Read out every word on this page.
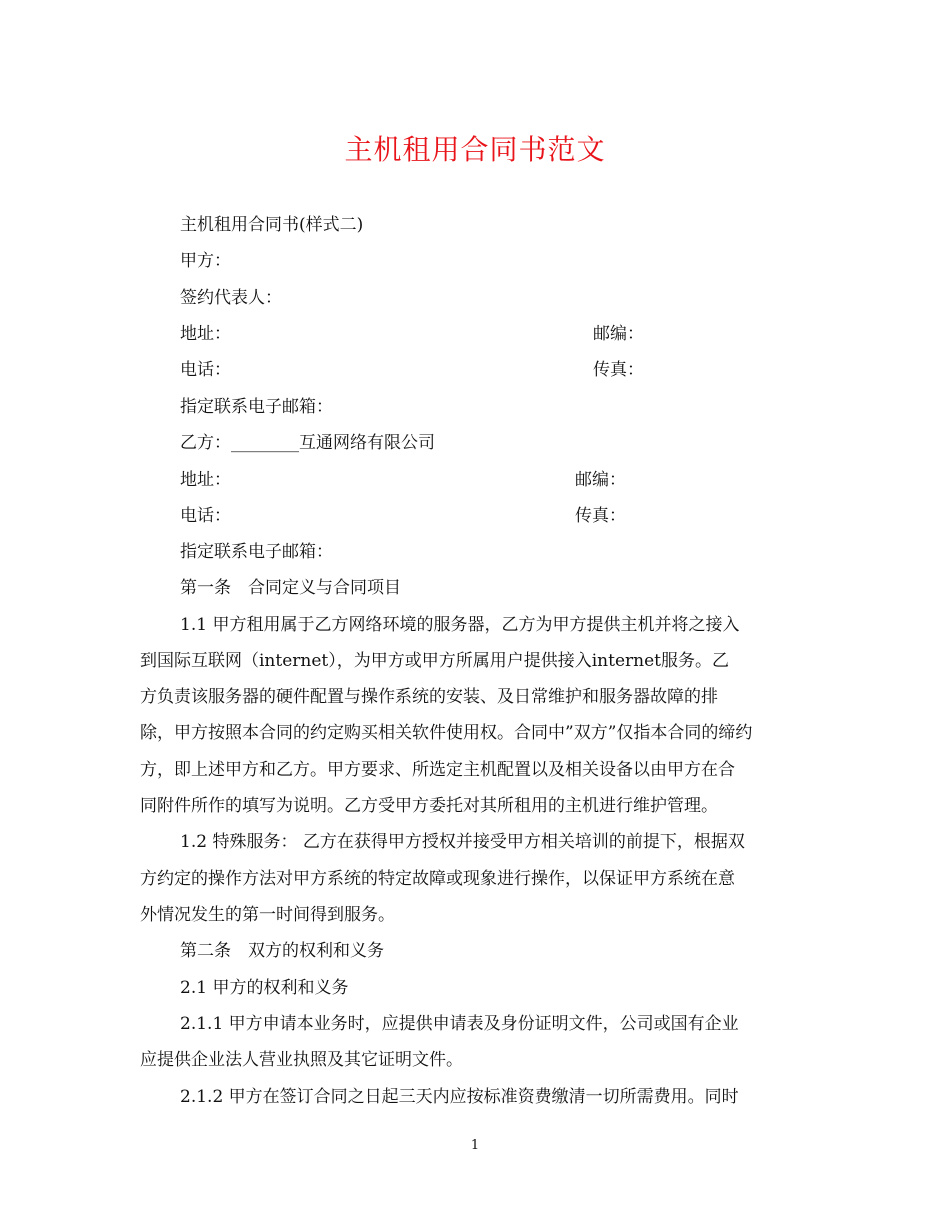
主机租用合同书范文
主机租用合同书(样式二)
甲方：
签约代表人：
地址：	邮编：
电话：	传真：
指定联系电子邮箱：
乙方：________互通网络有限公司
地址：	邮编：
电话：	传真：
指定联系电子邮箱：
第一条　合同定义与合同项目
1.1 甲方租用属于乙方网络环境的服务器，乙方为甲方提供主机并将之接入
到国际互联网（internet），为甲方或甲方所属用户提供接入internet服务。乙
方负责该服务器的硬件配置与操作系统的安装、及日常维护和服务器故障的排
除，甲方按照本合同的约定购买相关软件使用权。合同中”双方”仅指本合同的缔约
方，即上述甲方和乙方。甲方要求、所选定主机配置以及相关设备以由甲方在合
同附件所作的填写为说明。乙方受甲方委托对其所租用的主机进行维护管理。
1.2 特殊服务： 乙方在获得甲方授权并接受甲方相关培训的前提下，根据双
方约定的操作方法对甲方系统的特定故障或现象进行操作，以保证甲方系统在意
外情况发生的第一时间得到服务。
第二条　双方的权利和义务
2.1 甲方的权利和义务
2.1.1 甲方申请本业务时，应提供申请表及身份证明文件，公司或国有企业
应提供企业法人营业执照及其它证明文件。
2.1.2 甲方在签订合同之日起三天内应按标准资费缴清一切所需费用。同时
1
